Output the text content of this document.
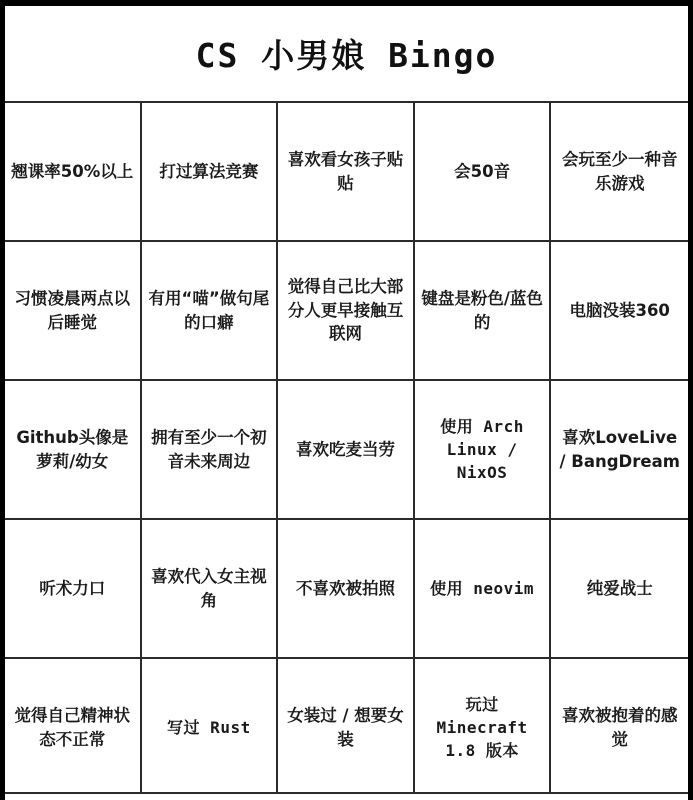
CS 小男娘 Bingo
翘课率50%以上 打过算法竞赛
喜欢看女孩子贴贴
会50音
会玩至少一种音乐游戏
习惯凌晨两点以后睡觉
有用“喵”做句尾的口癖
觉得自己比大部分人更早接触互联网
键盘是粉色/蓝色的
电脑没装360
Github头像是萝莉/幼女
拥有至少一个初音未来周边
喜欢吃麦当劳
使用 Arch Linux / NixOS
喜欢LoveLive / BangDream
听术力口
喜欢代入女主视角
不喜欢被拍照 使用 neovim	纯爱战士
觉得自己精神状态不正常
写过 Rust
女装过 / 想要女装
玩过 Minecraft 1.8 版本
喜欢被抱着的感觉
